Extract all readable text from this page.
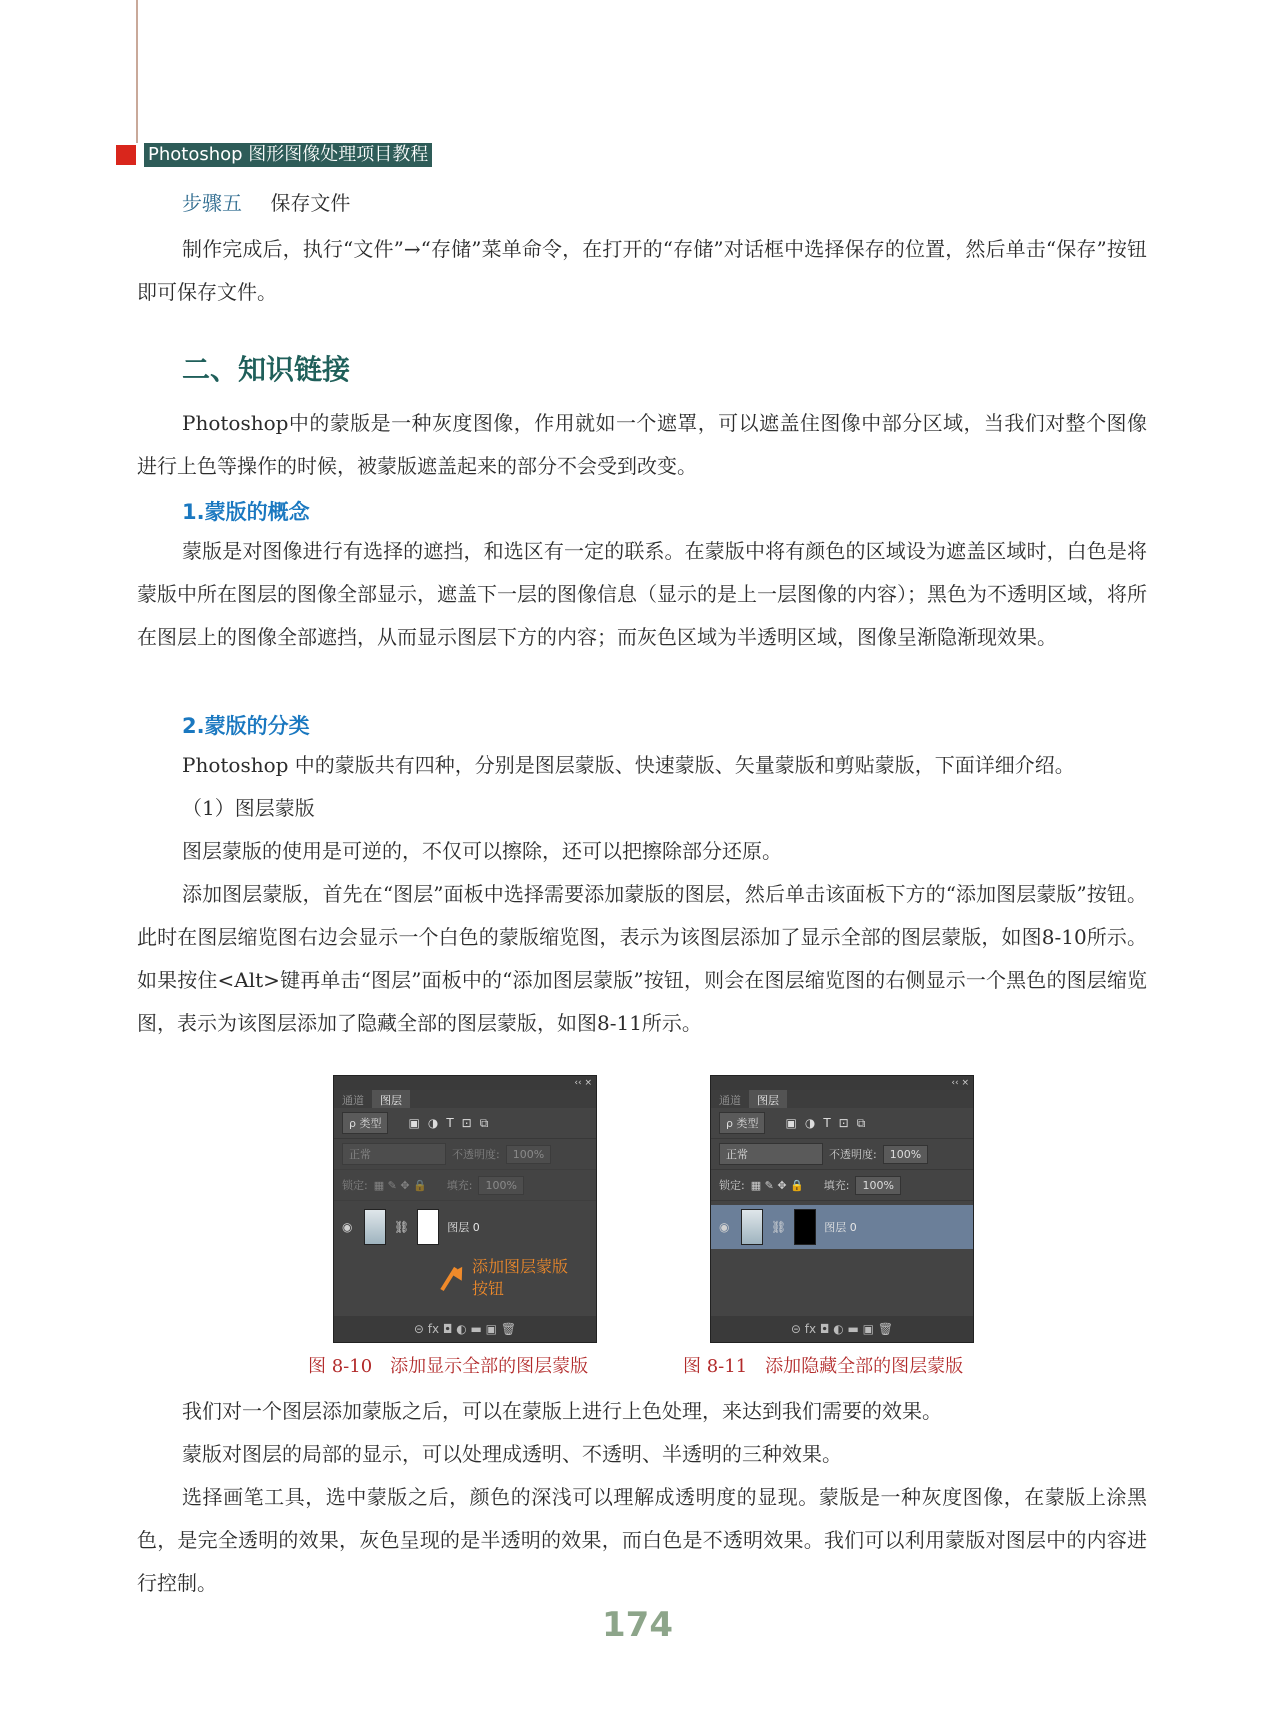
Photoshop 图形图像处理项目教程
步骤五 保存文件

制作完成后，执行“文件”→“存储”菜单命令，在打开的“存储”对话框中选择保存的位置，然后单击“保存”按钮即可保存文件。

二、知识链接

Photoshop中的蒙版是一种灰度图像，作用就如一个遮罩，可以遮盖住图像中部分区域，当我们对整个图像进行上色等操作的时候，被蒙版遮盖起来的部分不会受到改变。

1.蒙版的概念

蒙版是对图像进行有选择的遮挡，和选区有一定的联系。在蒙版中将有颜色的区域设为遮盖区域时，白色是将蒙版中所在图层的图像全部显示，遮盖下一层的图像信息（显示的是上一层图像的内容）；黑色为不透明区域，将所在图层上的图像全部遮挡，从而显示图层下方的内容；而灰色区域为半透明区域，图像呈渐隐渐现效果。

2.蒙版的分类

Photoshop 中的蒙版共有四种，分别是图层蒙版、快速蒙版、矢量蒙版和剪贴蒙版，下面详细介绍。

（1）图层蒙版

图层蒙版的使用是可逆的，不仅可以擦除，还可以把擦除部分还原。

添加图层蒙版，首先在“图层”面板中选择需要添加蒙版的图层，然后单击该面板下方的“添加图层蒙版”按钮。此时在图层缩览图右边会显示一个白色的蒙版缩览图，表示为该图层添加了显示全部的图层蒙版，如图8-10所示。如果按住<Alt>键再单击“图层”面板中的“添加图层蒙版”按钮，则会在图层缩览图的右侧显示一个黑色的图层缩览图，表示为该图层添加了隐藏全部的图层蒙版，如图8-11所示。

‹‹ ×
通道	图层
ρ 类型	▣ ◑ T ⊡ ⧉
正常	不透明度:	100%
锁定: ▦ ✎ ✥ 🔒 填充:	100%
◉	⛓	图层 0
添加图层蒙版
按钮
⊝ fx ◘ ◐ ▬ ▣ 🗑
‹‹ ×
通道	图层
ρ 类型	▣ ◑ T ⊡ ⧉
正常	不透明度:	100%
锁定: ▦ ✎ ✥ 🔒 填充:	100%
◉	⛓	图层 0
⊝ fx ◘ ◐ ▬ ▣ 🗑
图 8-10　添加显示全部的图层蒙版	图 8-11　添加隐藏全部的图层蒙版

我们对一个图层添加蒙版之后，可以在蒙版上进行上色处理，来达到我们需要的效果。

蒙版对图层的局部的显示，可以处理成透明、不透明、半透明的三种效果。

选择画笔工具，选中蒙版之后，颜色的深浅可以理解成透明度的显现。蒙版是一种灰度图像，在蒙版上涂黑色，是完全透明的效果，灰色呈现的是半透明的效果，而白色是不透明效果。我们可以利用蒙版对图层中的内容进行控制。

174
